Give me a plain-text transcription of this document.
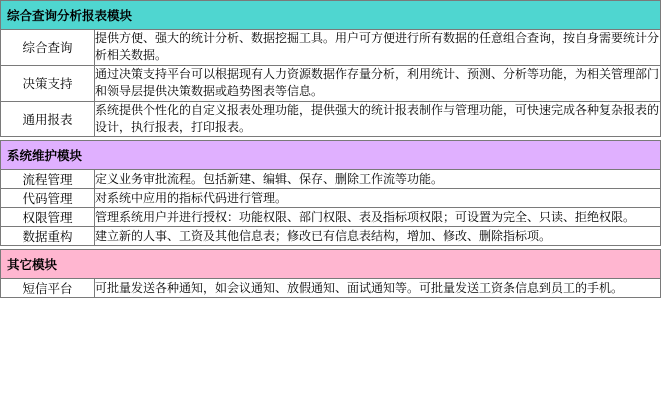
综合查询分析报表模块	
综合查询	提供方便、强大的统计分析、数据挖掘工具。用户可方便进行所有数据的任意组合查询，按自身需要统计分析相关数据。
决策支持	通过决策支持平台可以根据现有人力资源数据作存量分析，利用统计、预测、分析等功能，为相关管理部门和领导层提供决策数据或趋势图表等信息。
通用报表	系统提供个性化的自定义报表处理功能，提供强大的统计报表制作与管理功能，可快速完成各种复杂报表的设计，执行报表，打印报表。

系统维护模块	
流程管理	定义业务审批流程。包括新建、编辑、保存、删除工作流等功能。
代码管理	对系统中应用的指标代码进行管理。
权限管理	管理系统用户并进行授权：功能权限、部门权限、表及指标项权限；可设置为完全、只读、拒绝权限。
数据重构	建立新的人事、工资及其他信息表；修改已有信息表结构，增加、修改、删除指标项。

其它模块	
短信平台	可批量发送各种通知，如会议通知、放假通知、面试通知等。可批量发送工资条信息到员工的手机。
